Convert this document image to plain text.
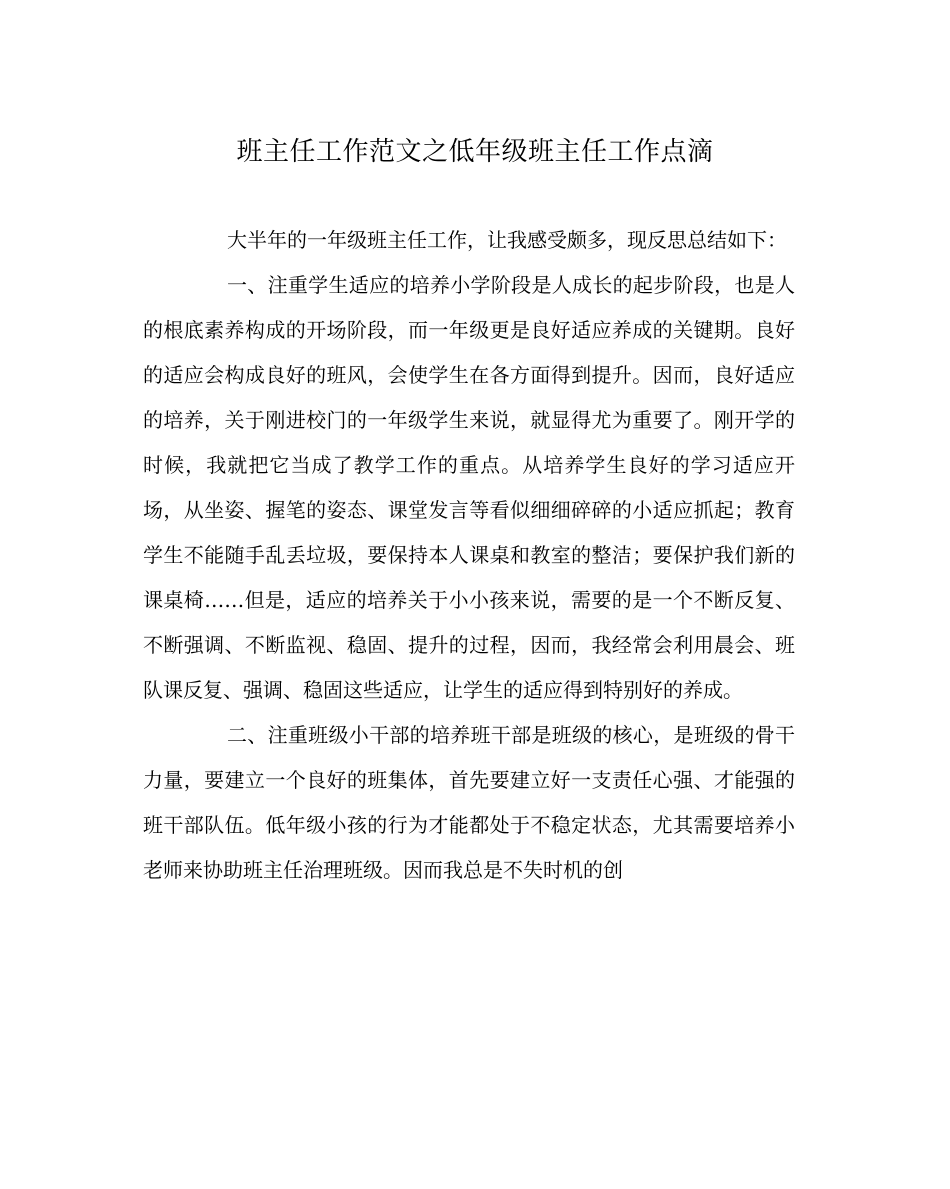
班主任工作范文之低年级班主任工作点滴

大半年的一年级班主任工作，让我感受颇多，现反思总结如下：

一、注重学生适应的培养小学阶段是人成长的起步阶段，也是人的根底素养构成的开场阶段，而一年级更是良好适应养成的关键期。良好的适应会构成良好的班风，会使学生在各方面得到提升。因而，良好适应的培养，关于刚进校门的一年级学生来说，就显得尤为重要了。刚开学的时候，我就把它当成了教学工作的重点。从培养学生良好的学习适应开场，从坐姿、握笔的姿态、课堂发言等看似细细碎碎的小适应抓起；教育学生不能随手乱丢垃圾，要保持本人课桌和教室的整洁；要保护我们新的课桌椅……但是，适应的培养关于小小孩来说，需要的是一个不断反复、不断强调、不断监视、稳固、提升的过程，因而，我经常会利用晨会、班队课反复、强调、稳固这些适应，让学生的适应得到特别好的养成。

二、注重班级小干部的培养班干部是班级的核心，是班级的骨干力量，要建立一个良好的班集体，首先要建立好一支责任心强、才能强的班干部队伍。低年级小孩的行为才能都处于不稳定状态，尤其需要培养小老师来协助班主任治理班级。因而我总是不失时机的创
